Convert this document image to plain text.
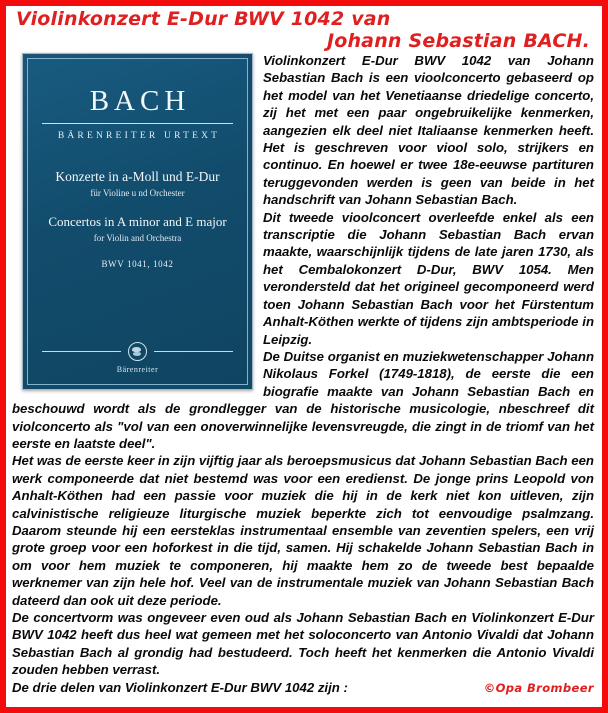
Violinkonzert E-Dur BWV 1042 van
Johann Sebastian BACH.
BACH
BÄRENREITER URTEXT
Konzerte in a-Moll und E-Dur
für Violine u nd Orchester
Concertos in A minor and E major
for Violin and Orchestra
BWV 1041, 1042
Bärenreiter

Violinkonzert E-Dur BWV 1042 van Johann Sebastian Bach is een vioolconcerto gebaseerd op het model van het Venetiaanse driedelige concerto, zij het met een paar ongebruikelijke kenmerken, aangezien elk deel niet Italiaanse kenmerken heeft. Het is geschreven voor viool solo, strijkers en continuo. En hoewel er twee 18e-eeuwse partituren teruggevonden werden is geen van beide in het handschrift van Johann Sebastian Bach.

Dit tweede vioolconcert overleefde enkel als een transcriptie die Johann Sebastian Bach ervan maakte, waarschijnlijk tijdens de late jaren 1730, als het Cembalokonzert D-Dur, BWV 1054. Men verondersteld dat het origineel gecomponeerd werd toen Johann Sebastian Bach voor het Fürstentum Anhalt-Köthen werkte of tijdens zijn ambtsperiode in Leipzig.

De Duitse organist en muziekwetenschapper Johann Nikolaus Forkel (1749-1818), de eerste die een biografie maakte van Johann Sebastian Bach en beschouwd wordt als de grondlegger van de historische musicologie, nbeschreef dit violconcerto als "vol van een onoverwinnelijke levensvreugde, die zingt in de triomf van het eerste en laatste deel".

Het was de eerste keer in zijn vijftig jaar als beroepsmusicus dat Johann Sebastian Bach een werk componeerde dat niet bestemd was voor een eredienst. De jonge prins Leopold von Anhalt-Köthen had een passie voor muziek die hij in de kerk niet kon uitleven, zijn calvinistische religieuze liturgische muziek beperkte zich tot eenvoudige psalmzang. Daarom steunde hij een eersteklas instrumentaal ensemble van zeventien spelers, een vrij grote groep voor een hoforkest in die tijd, samen. Hij schakelde Johann Sebastian Bach in om voor hem muziek te componeren, hij maakte hem zo de tweede best bepaalde werknemer van zijn hele hof. Veel van de instrumentale muziek van Johann Sebastian Bach dateerd dan ook uit deze periode.

De concertvorm was ongeveer even oud als Johann Sebastian Bach en Violinkonzert E-Dur BWV 1042 heeft dus heel wat gemeen met het soloconcerto van Antonio Vivaldi dat Johann Sebastian Bach al grondig had bestudeerd. Toch heeft het kenmerken die Antonio Vivaldi zouden hebben verrast.

De drie delen van Violinkonzert E-Dur BWV 1042 zijn :	©Opa Brombeer
